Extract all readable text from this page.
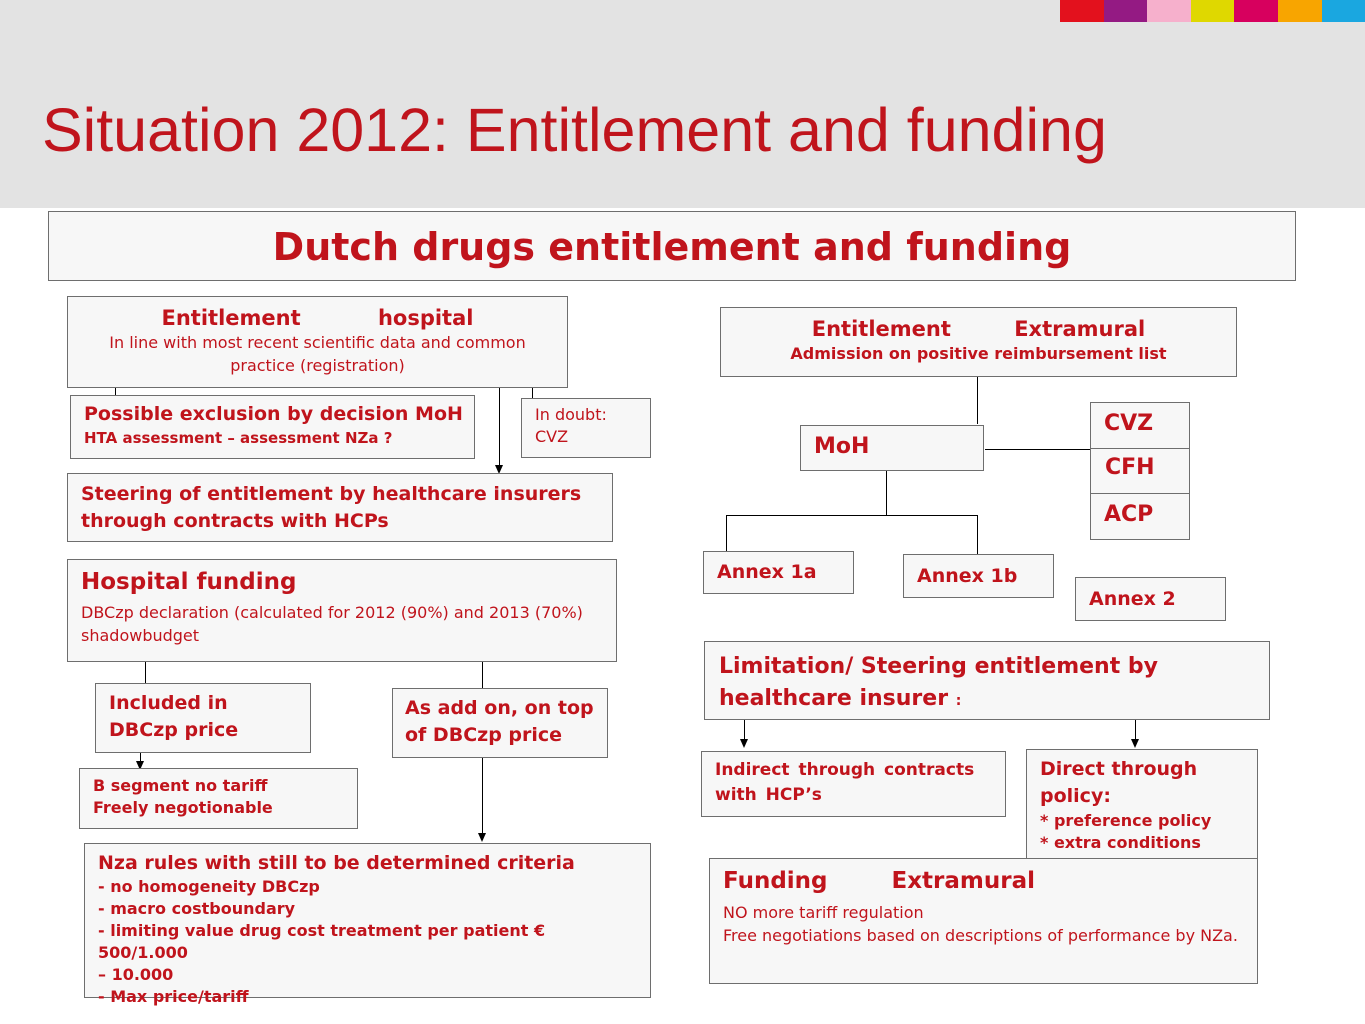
Situation 2012: Entitlement and funding
Dutch drugs entitlement and funding
Entitlement hospital
In line with most recent scientific data and common practice (registration)
Possible exclusion by decision MoH
HTA assessment – assessment NZa ?
In doubt:
CVZ
Steering of entitlement by healthcare insurers through contracts with HCPs
Hospital funding
DBCzp declaration (calculated for 2012 (90%) and 2013 (70%) shadowbudget
Included in DBCzp price
As add on, on top of DBCzp price
B segment no tariff
Freely negotionable
Nza rules with still to be determined criteria
- no homogeneity DBCzp
- macro costboundary
- limiting value drug cost treatment per patient € 500/1.000
– 10.000
- Max price/tariff
Entitlement Extramural
Admission on positive reimbursement list
MoH
CVZ
CFH
ACP
Annex 1a	Annex 1b
Annex 2
Limitation/ Steering entitlement by healthcare insurer :
Indirect through contracts with HCP’s
Direct through policy:
* preference policy
* extra conditions
Funding Extramural
NO more tariff regulation
Free negotiations based on descriptions of performance by NZa.
